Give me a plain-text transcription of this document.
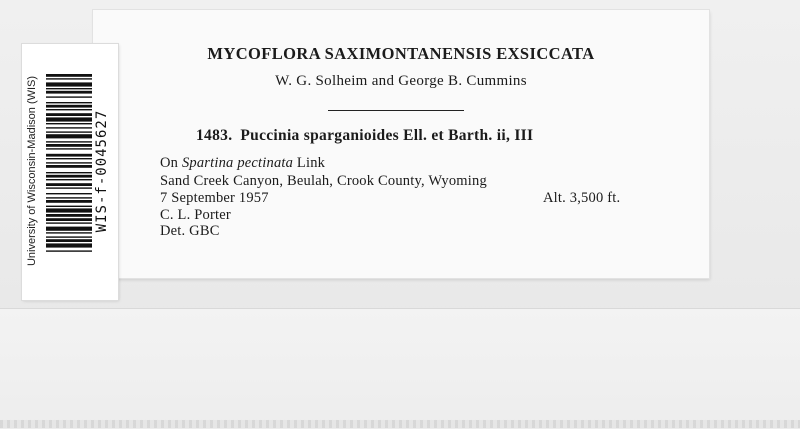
MYCOFLORA SAXIMONTANENSIS EXSICCATA
W. G. Solheim and George B. Cummins
1483. Puccinia sparganioides Ell. et Barth. ii, III
On Spartina pectinata Link
Sand Creek Canyon, Beulah, Crook County, Wyoming
7 September 1957	Alt. 3,500 ft.
C. L. Porter
Det. GBC
University of Wisconsin-Madison (WIS)	WIS-f-0045627
